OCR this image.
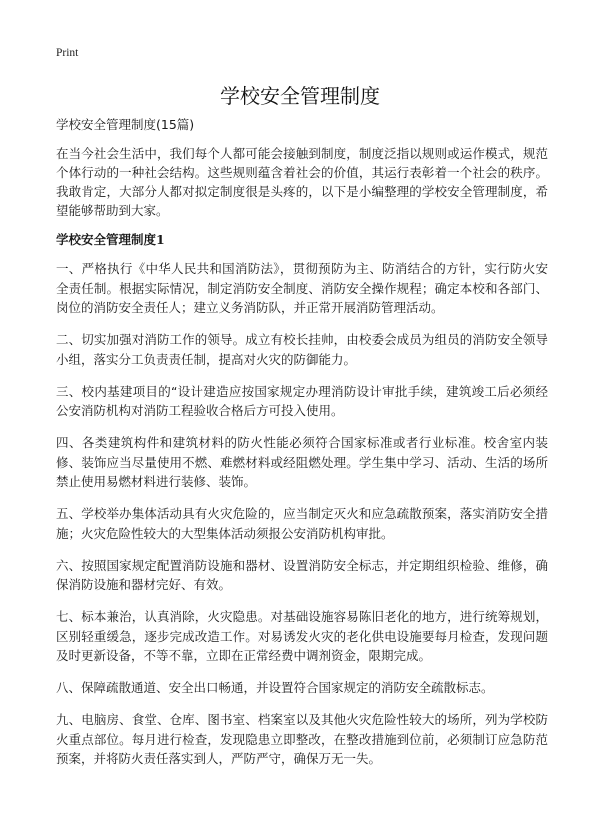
Print
学校安全管理制度

学校安全管理制度(15篇)

在当今社会生活中，我们每个人都可能会接触到制度，制度泛指以规则或运作模式，规范个体行动的一种社会结构。这些规则蕴含着社会的价值，其运行表彰着一个社会的秩序。我敢肯定，大部分人都对拟定制度很是头疼的，以下是小编整理的学校安全管理制度，希望能够帮助到大家。

学校安全管理制度1

一、严格执行《中华人民共和国消防法》，贯彻预防为主、防消结合的方针，实行防火安全责任制。根据实际情况，制定消防安全制度、消防安全操作规程；确定本校和各部门、岗位的消防安全责任人；建立义务消防队，并正常开展消防管理活动。

二、切实加强对消防工作的领导。成立有校长挂帅，由校委会成员为组员的消防安全领导小组，落实分工负责责任制，提高对火灾的防御能力。

三、校内基建项目的“设计建造应按国家规定办理消防设计审批手续，建筑竣工后必须经公安消防机构对消防工程验收合格后方可投入使用。

四、各类建筑构件和建筑材料的防火性能必须符合国家标准或者行业标准。校舍室内装修、装饰应当尽量使用不燃、难燃材料或经阻燃处理。学生集中学习、活动、生活的场所禁止使用易燃材料进行装修、装饰。

五、学校举办集体活动具有火灾危险的，应当制定灭火和应急疏散预案，落实消防安全措施；火灾危险性较大的大型集体活动须报公安消防机构审批。

六、按照国家规定配置消防设施和器材、设置消防安全标志，并定期组织检验、维修，确保消防设施和器材完好、有效。

七、标本兼治，认真消除，火灾隐患。对基础设施容易陈旧老化的地方，进行统筹规划，区别轻重缓急，逐步完成改造工作。对易诱发火灾的老化供电设施要每月检查，发现问题及时更新设备，不等不靠，立即在正常经费中调剂资金，限期完成。

八、保障疏散通道、安全出口畅通，并设置符合国家规定的消防安全疏散标志。

九、电脑房、食堂、仓库、图书室、档案室以及其他火灾危险性较大的场所，列为学校防火重点部位。每月进行检查，发现隐患立即整改，在整改措施到位前，必须制订应急防范预案，并将防火责任落实到人，严防严守，确保万无一失。
